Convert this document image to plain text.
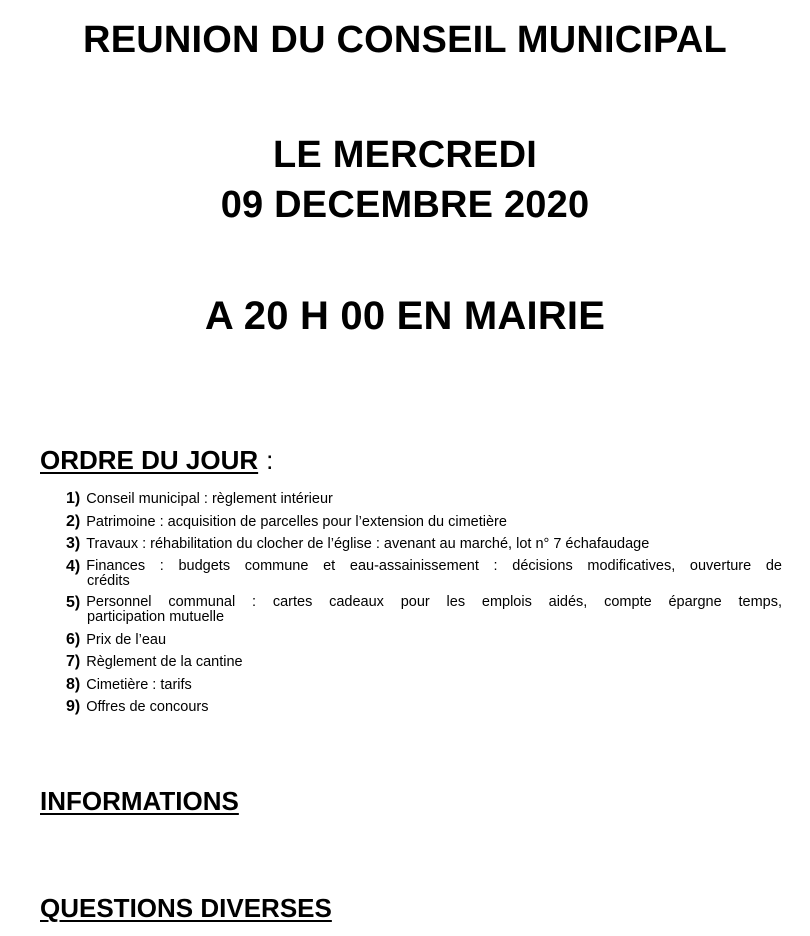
REUNION DU CONSEIL MUNICIPAL
LE MERCREDI
09 DECEMBRE 2020
A 20 H 00 EN MAIRIE
ORDRE DU JOUR :
1) Conseil municipal : règlement intérieur
2) Patrimoine : acquisition de parcelles pour l’extension du cimetière
3) Travaux : réhabilitation du clocher de l’église : avenant au marché, lot n° 7 échafaudage
4) Finances : budgets commune et eau-assainissement : décisions modificatives, ouverture de
crédits
5) Personnel communal : cartes cadeaux pour les emplois aidés, compte épargne temps,
participation mutuelle
6) Prix de l’eau
7) Règlement de la cantine
8) Cimetière : tarifs
9) Offres de concours
INFORMATIONS
QUESTIONS DIVERSES
